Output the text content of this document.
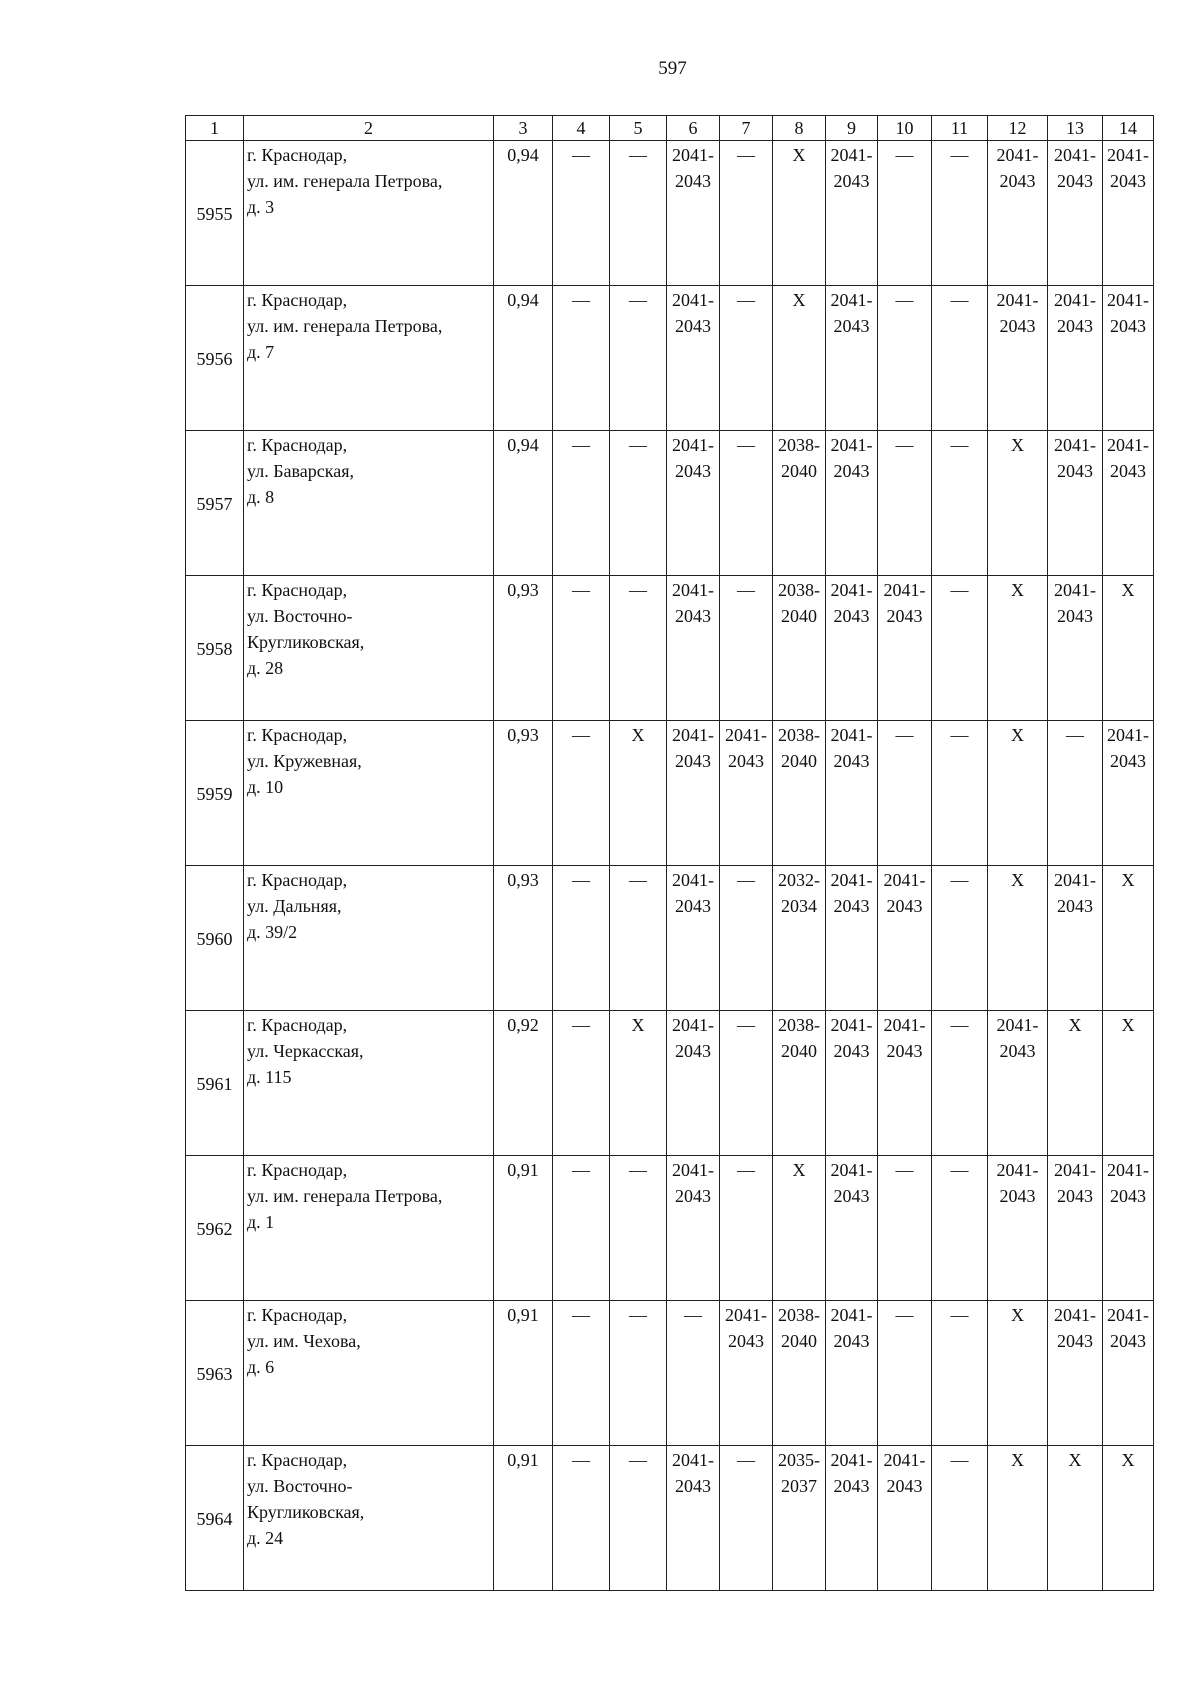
597
1	2	3	4	5	6	7	8	9	10	11	12	13	14
5955	г. Краснодар,
ул. им. генерала Петрова,
д. 3	0,94	—	—	2041-
2043	—	Х	2041-
2043	—	—	2041-
2043	2041-
2043	2041-
2043

5956	г. Краснодар,
ул. им. генерала Петрова,
д. 7	0,94	—	—	2041-
2043	—	Х	2041-
2043	—	—	2041-
2043	2041-
2043	2041-
2043

5957	г. Краснодар,
ул. Баварская,
д. 8	0,94	—	—	2041-
2043	—	2038-
2040	2041-
2043	—	—	Х	2041-
2043	2041-
2043

5958	г. Краснодар,
ул. Восточно-
Кругликовская,
д. 28	0,93	—	—	2041-
2043	—	2038-
2040	2041-
2043	2041-
2043	—	Х	2041-
2043	Х

5959	г. Краснодар,
ул. Кружевная,
д. 10	0,93	—	Х	2041-
2043	2041-
2043	2038-
2040	2041-
2043	—	—	Х	—	2041-
2043

5960	г. Краснодар,
ул. Дальняя,
д. 39/2	0,93	—	—	2041-
2043	—	2032-
2034	2041-
2043	2041-
2043	—	Х	2041-
2043	Х

5961	г. Краснодар,
ул. Черкасская,
д. 115	0,92	—	Х	2041-
2043	—	2038-
2040	2041-
2043	2041-
2043	—	2041-
2043	Х	Х

5962	г. Краснодар,
ул. им. генерала Петрова,
д. 1	0,91	—	—	2041-
2043	—	Х	2041-
2043	—	—	2041-
2043	2041-
2043	2041-
2043

5963	г. Краснодар,
ул. им. Чехова,
д. 6	0,91	—	—	—	2041-
2043	2038-
2040	2041-
2043	—	—	Х	2041-
2043	2041-
2043

5964	г. Краснодар,
ул. Восточно-
Кругликовская,
д. 24	0,91	—	—	2041-
2043	—	2035-
2037	2041-
2043	2041-
2043	—	Х	Х	Х
